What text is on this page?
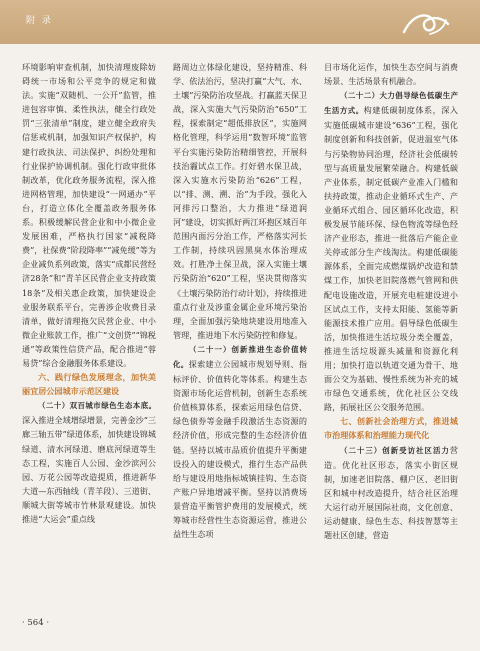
附 录

环境影响审查机制，加快清理废除妨碍统一市场和公平竞争的规定和做法。实施“双随机、一公开”监管，推进包容审慎、柔性执法，健全行政处罚“三张清单”制度，建立健全政府失信惩戒机制，加强知识产权保护，构建行政执法、司法保护、纠纷处理和行业保护协调机制。强化行政审批体制改革，优化政务服务流程，深入推进网格管理，加快建设“一网通办”平台，打造立体化全覆盖政务服务体系。积极缓解民营企业和中小微企业发展困难，严格执行国家“减税降费”，社保费“阶段降率”“减免缓”等为企业减负系列政策，落实“成都民营经济28条”和“青羊区民营企业支持政策18条”及相关惠企政策，加快建设企业服务联系平台，完善涉企收费目录清单，做好清理拖欠民营企业、中小微企业账款工作，推广“文创贷”“锦税通”等政策性信贷产品，配合推进“蓉易贷”综合金融服务体系建设。

六、践行绿色发展理念，加快美丽宜居公园城市示范区建设

（二十）双百城市绿色生态本底。深入推进全域增绿增景，完善金沙“三廊三轴五带”绿道体系，加快建设锦城绿道、清水河绿道、磨底河绿道等生态工程，实施百人公园、金沙滨河公园、万花公园等改造提质，推进新华大道—东西轴线（青羊段）、三道街、顺城大街等城市竹林景观建设。加快推进“大运会”重点线

路周边立体绿化建设，坚持精准、科学、依法治污，坚决打赢“大气、水、土壤”污染防治攻坚战。打赢蓝天保卫战，深入实施大气污染防治“650”工程，探索制定“超低排放区”，实施网格化管理，科学运用“数智环境”监管平台实施污染防治精细管控，开展科技治霾试点工作。打好碧水保卫战，深入实施水污染防治“626”工程，以“排、测、溯、治”为手段，强化入河排污口整治，大力推进“绿道润河”建设，切实抓好两江环抱区域百年范围内面污分治工作，严格落实河长工作制，持续巩固黑臭水体治理成效。打胜净土保卫战，深入实施土壤污染防治“620”工程，坚决贯彻落实《土壤污染防治行动计划》，持续推进重点行业及涉重金属企业环境污染治理，全面加强污染地块建设用地准入管理，推进地下水污染防控和修复。

（二十一）创新推进生态价值转化。探索建立公园城市规划导则、指标评价、价值转化等体系。构建生态资源市场化运营机制，创新生态系统价值核算体系，探索运用绿色信贷、绿色债券等金融手段激活生态资源的经济价值，形成完整的生态经济价值链。坚持以城市品质价值提升平衡建设投入的建设模式，推行生态产品供给与建设用地指标城镇挂钩、生态资产账户异地增减平衡。坚持以消费场景营造平衡管护费用的发展模式，统筹城市经营性生态资源运营，推进公益性生态项

目市场化运作，加快生态空间与消费场景、生活场景有机融合。

（二十二）大力倡导绿色低碳生产生活方式。构建低碳制度体系，深入实施低碳城市建设“636”工程，强化制度创新和科技创新，促进温室气体与污染物协同治理，经济社会低碳转型与高质量发展繁荣融合。构建低碳产业体系，制定低碳产业准入门槛和扶持政策，推动企业循环式生产、产业循环式组合、园区循环化改造，积极发展节能环保、绿色物流等绿色经济产业形态，推进一批落后产能企业关停或部分生产线淘汰。构建低碳能源体系，全面完成燃煤锅炉改造和禁煤工作，加快老旧院落燃气管网和供配电设施改造，开展充电桩建设进小区试点工作，支持太阳能、氢能等新能源技术推广应用。倡导绿色低碳生活，加快推进生活垃圾分类全覆盖，推进生活垃圾源头减量和资源化利用；加快打造以轨道交通为骨干、地面公交为基础、慢性系统为补充的城市绿色交通系统，优化社区公交线路，拓展社区公交服务范围。

七、创新社会治理方式，推进城市治理体系和治理能力现代化

（二十三）创新受访社区活力营造。优化社区形态，落实小街区规制，加速老旧院落、棚户区、老旧街区和城中村改造提升，结合社区治理大运行动开展国际社商，文化创意、运动健康、绿色生态、科技智慧等主题社区创建，营造

· 564 ·
